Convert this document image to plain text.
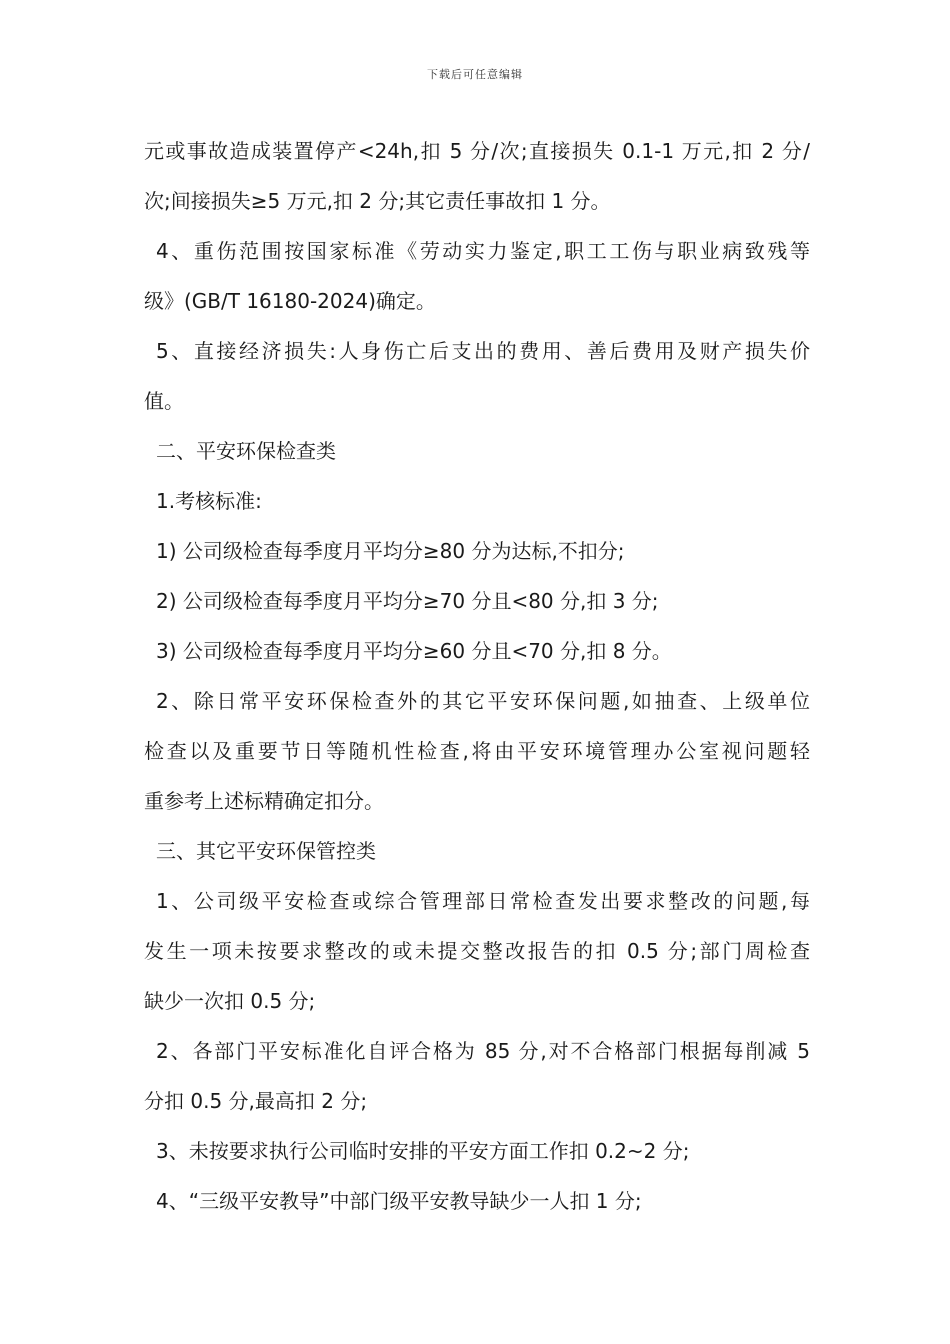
下载后可任意编辑
元或事故造成装置停产<24h,扣 5 分/次;直接损失 0.1-1 万元,扣 2 分/
次;间接损失≥5 万元,扣 2 分;其它责任事故扣 1 分。
4、重伤范围按国家标准《劳动实力鉴定,职工工伤与职业病致残等
级》(GB/T 16180-2024)确定。
5、直接经济损失:人身伤亡后支出的费用、善后费用及财产损失价
值。
二、平安环保检查类
1.考核标准:
1) 公司级检查每季度月平均分≥80 分为达标,不扣分;
2) 公司级检查每季度月平均分≥70 分且<80 分,扣 3 分;
3) 公司级检查每季度月平均分≥60 分且<70 分,扣 8 分。
2、除日常平安环保检查外的其它平安环保问题,如抽查、上级单位
检查以及重要节日等随机性检查,将由平安环境管理办公室视问题轻
重参考上述标精确定扣分。
三、其它平安环保管控类
1、公司级平安检查或综合管理部日常检查发出要求整改的问题,每
发生一项未按要求整改的或未提交整改报告的扣 0.5 分;部门周检查
缺少一次扣 0.5 分;
2、各部门平安标准化自评合格为 85 分,对不合格部门根据每削减 5
分扣 0.5 分,最高扣 2 分;
3、未按要求执行公司临时安排的平安方面工作扣 0.2~2 分;
4、“三级平安教导”中部门级平安教导缺少一人扣 1 分;
